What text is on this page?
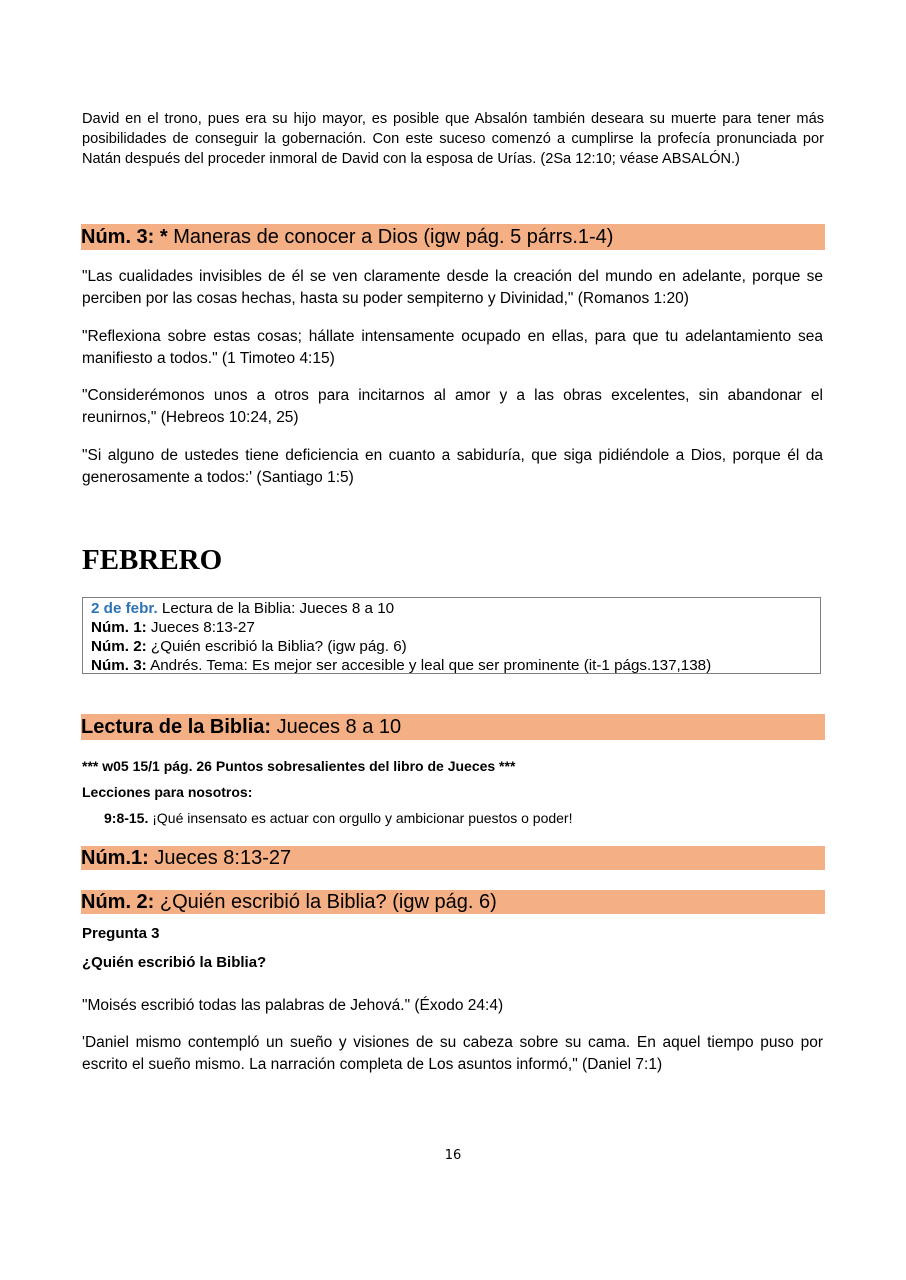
David en el trono, pues era su hijo mayor, es posible que Absalón también deseara su muerte para tener más posibilidades de conseguir la gobernación. Con este suceso comenzó a cumplirse la profecía pronunciada por Natán después del proceder inmoral de David con la esposa de Urías. (2Sa 12:10; véase ABSALÓN.)

Núm. 3: * Maneras de conocer a Dios (igw pág. 5 párrs.1-4)

"Las cualidades invisibles de él se ven claramente desde la creación del mundo en adelante, porque se perciben por las cosas hechas, hasta su poder sempiterno y Divinidad," (Romanos 1:20)

"Reflexiona sobre estas cosas; hállate intensamente ocupado en ellas, para que tu adelantamiento sea manifiesto a todos." (1 Timoteo 4:15)

"Considerémonos unos a otros para incitarnos al amor y a las obras excelentes, sin abandonar el reunirnos," (Hebreos 10:24, 25)

"Si alguno de ustedes tiene deficiencia en cuanto a sabiduría, que siga pidiéndole a Dios, porque él da generosamente a todos:' (Santiago 1:5)

FEBRERO
2 de febr. Lectura de la Biblia: Jueces 8 a 10
Núm. 1: Jueces 8:13-27
Núm. 2: ¿Quién escribió la Biblia? (igw pág. 6)
Núm. 3: Andrés. Tema: Es mejor ser accesible y leal que ser prominente (it-1 págs.137,138)
Lectura de la Biblia: Jueces 8 a 10

*** w05 15/1 pág. 26 Puntos sobresalientes del libro de Jueces ***

Lecciones para nosotros:

9:8-15. ¡Qué insensato es actuar con orgullo y ambicionar puestos o poder!

Núm.1: Jueces 8:13-27
Núm. 2: ¿Quién escribió la Biblia? (igw pág. 6)

Pregunta 3

¿Quién escribió la Biblia?

"Moisés escribió todas las palabras de Jehová." (Éxodo 24:4)

'Daniel mismo contempló un sueño y visiones de su cabeza sobre su cama. En aquel tiempo puso por escrito el sueño mismo. La narración completa de Los asuntos informó," (Daniel 7:1)

16
